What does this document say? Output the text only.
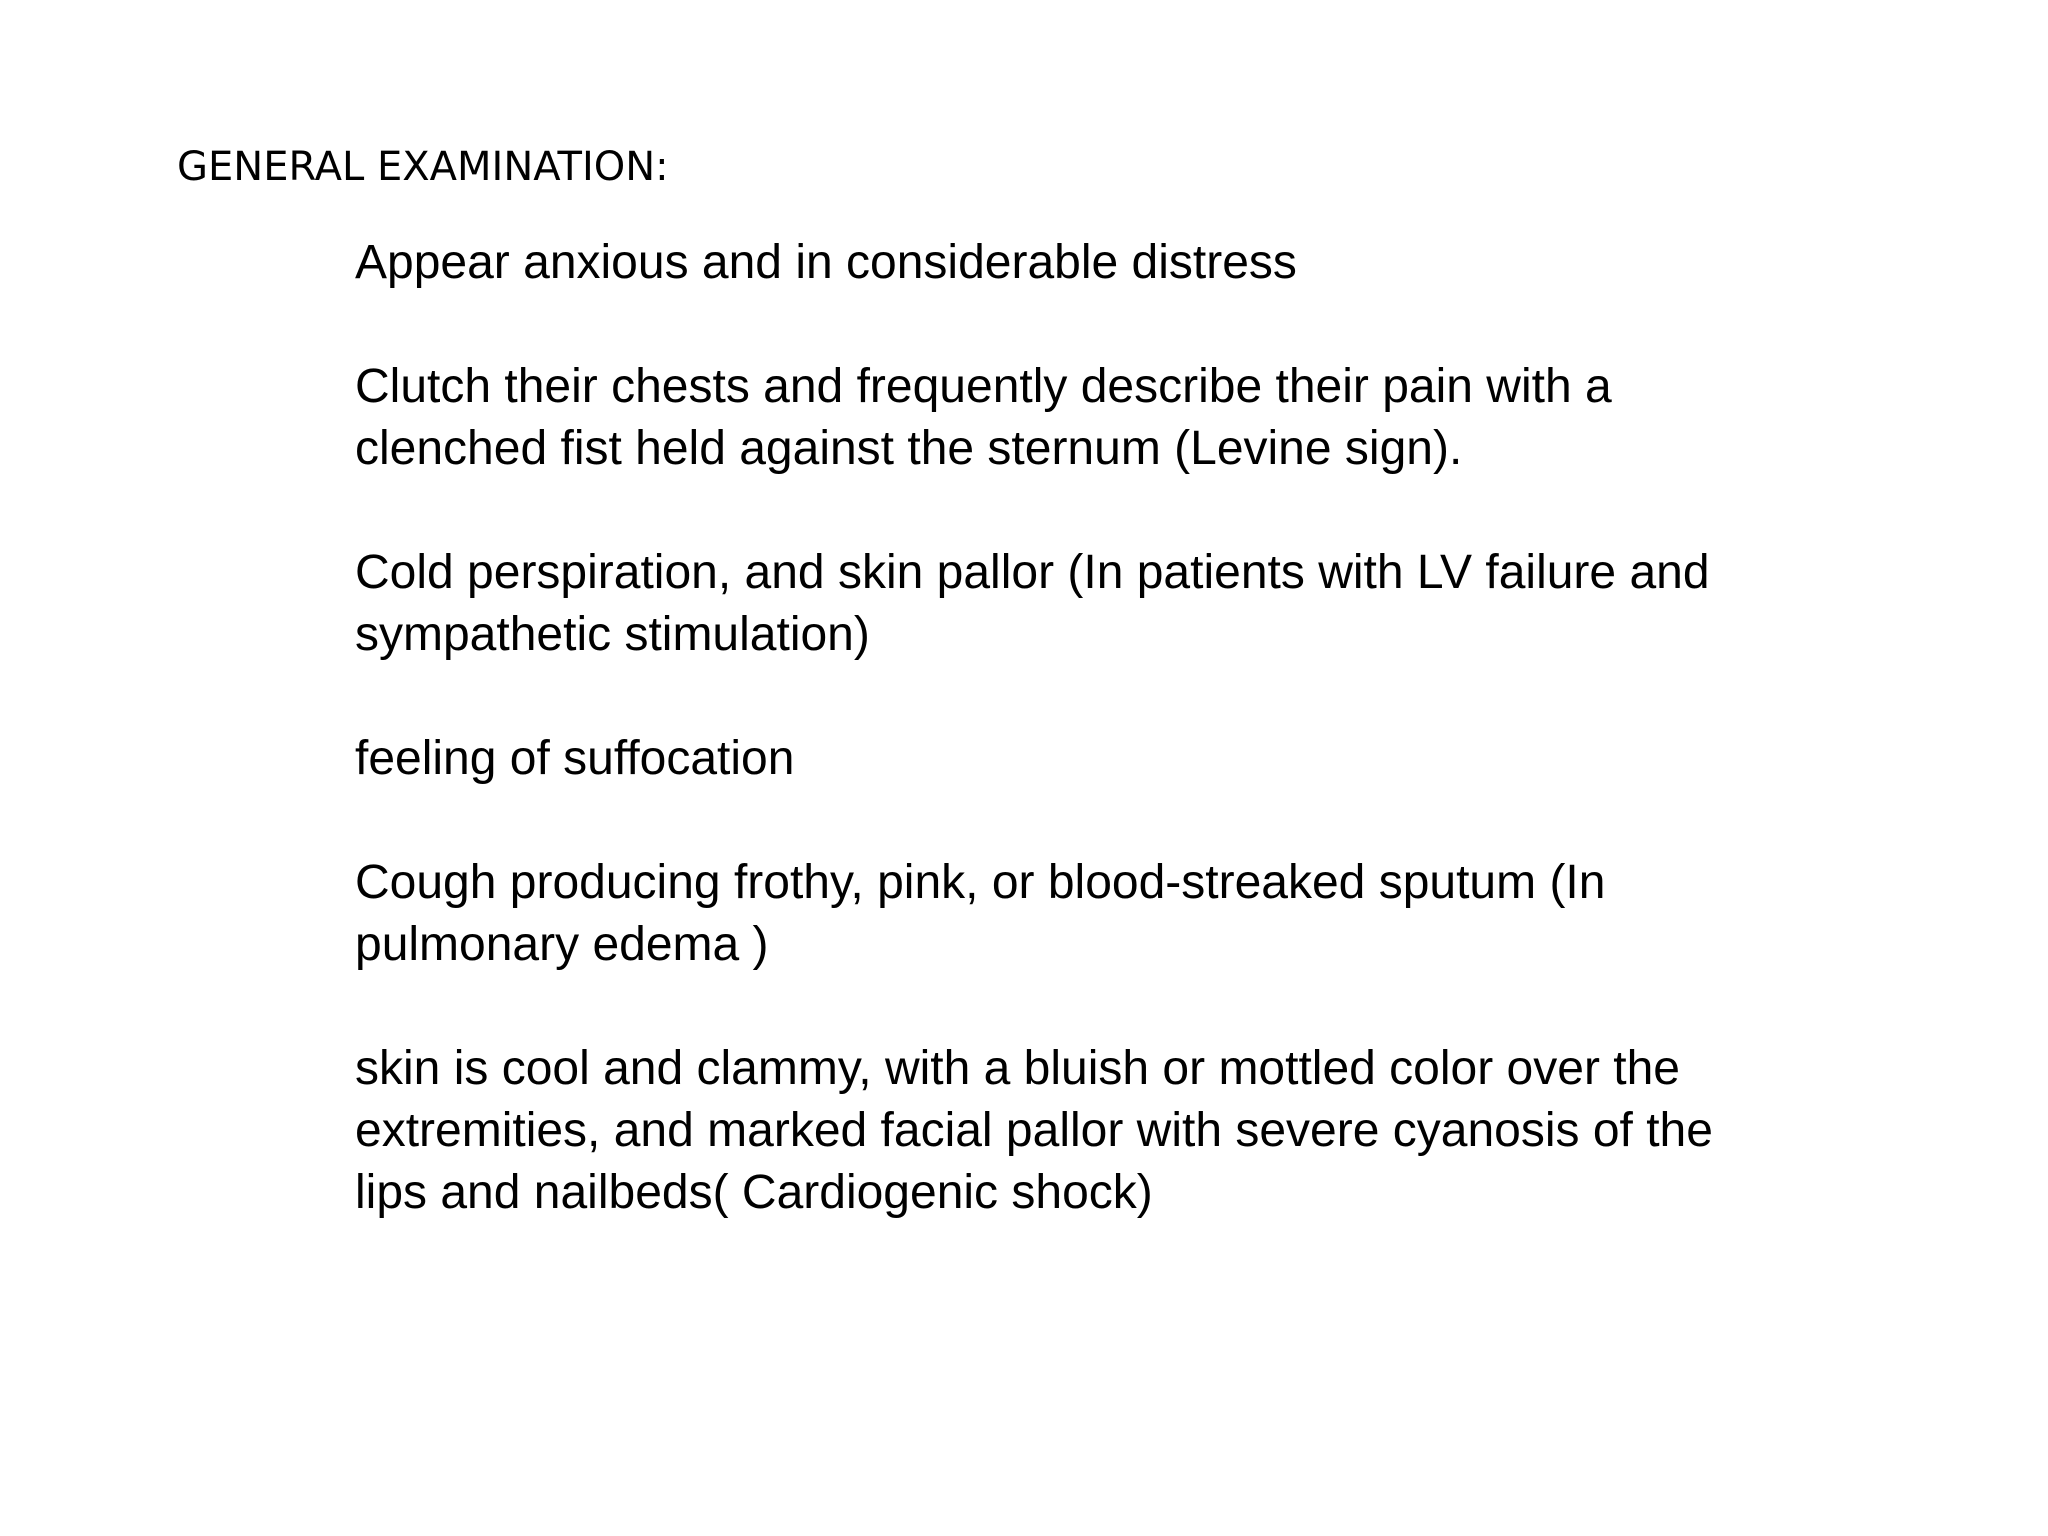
GENERAL EXAMINATION:
Appear anxious and in considerable distress
Clutch their chests and frequently describe their pain with a
clenched fist held against the sternum (Levine sign).
Cold perspiration, and skin pallor (In patients with LV failure and
sympathetic stimulation)
feeling of suffocation
Cough producing frothy, pink, or blood-streaked sputum (In
pulmonary edema )
skin is cool and clammy, with a bluish or mottled color over the
extremities, and marked facial pallor with severe cyanosis of the
lips and nailbeds( Cardiogenic shock)
